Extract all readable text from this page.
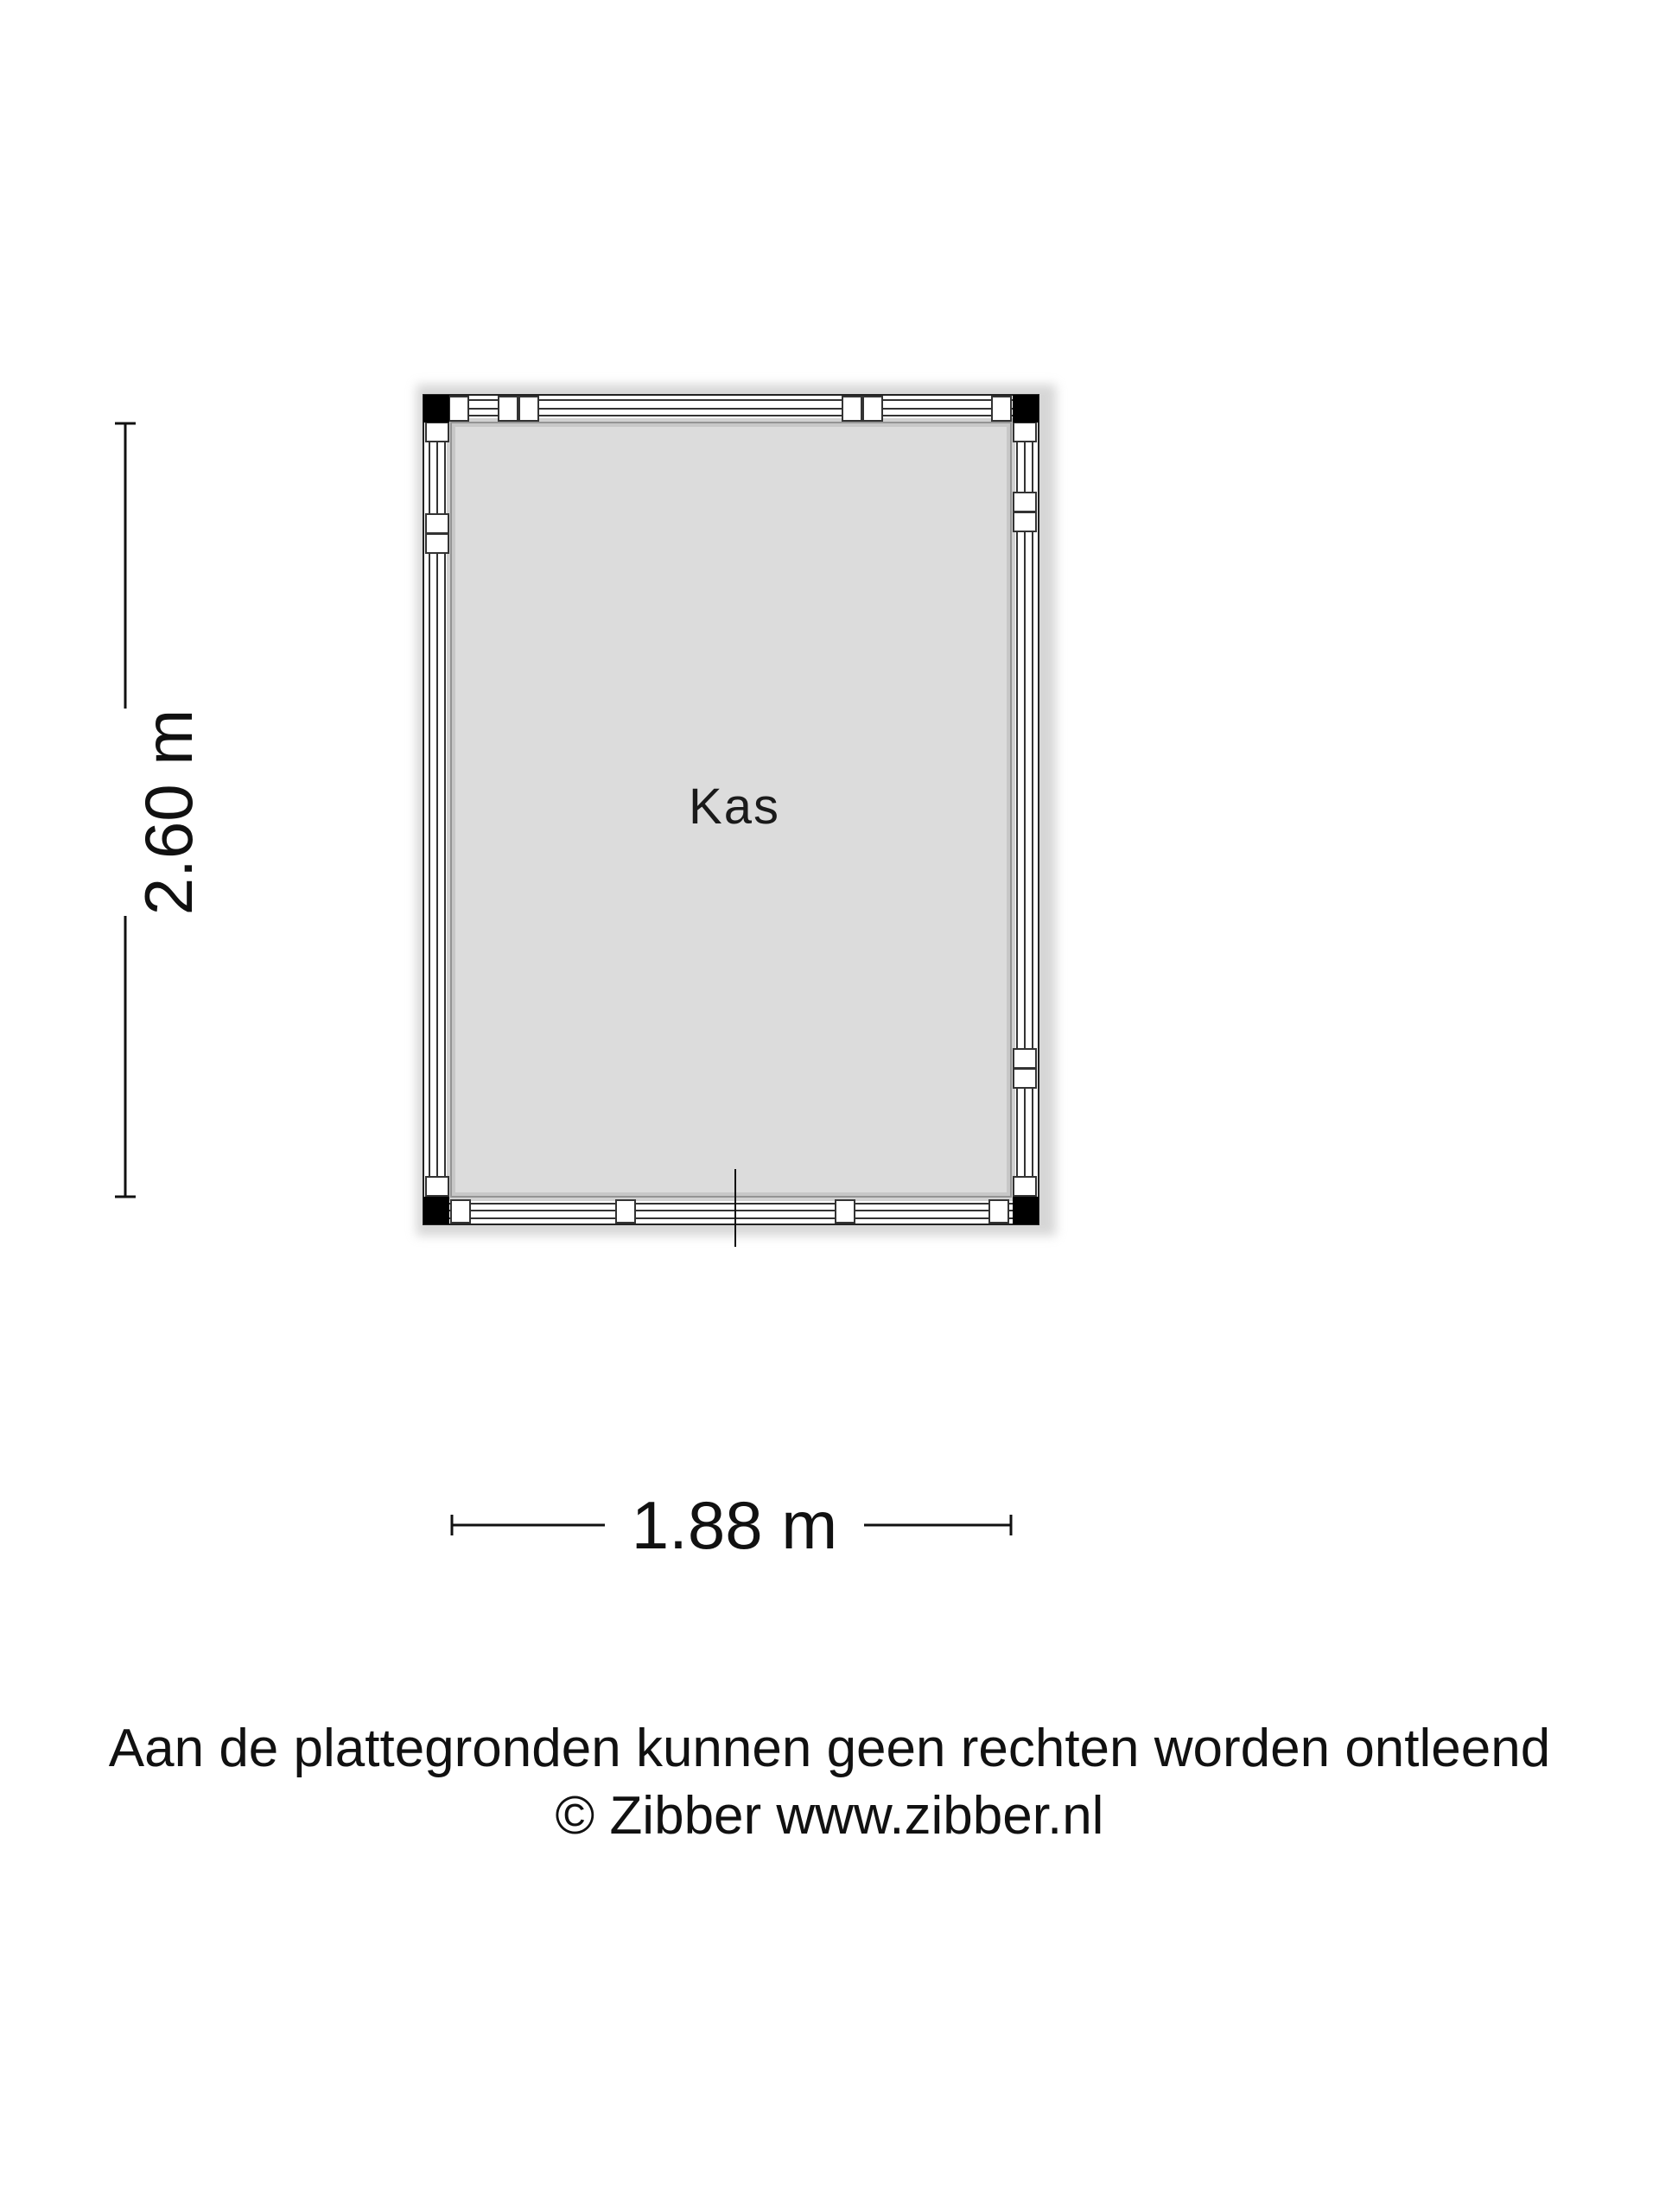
Kas
2.60 m
1.88 m
Aan de plattegronden kunnen geen rechten worden ontleend
© Zibber www.zibber.nl
